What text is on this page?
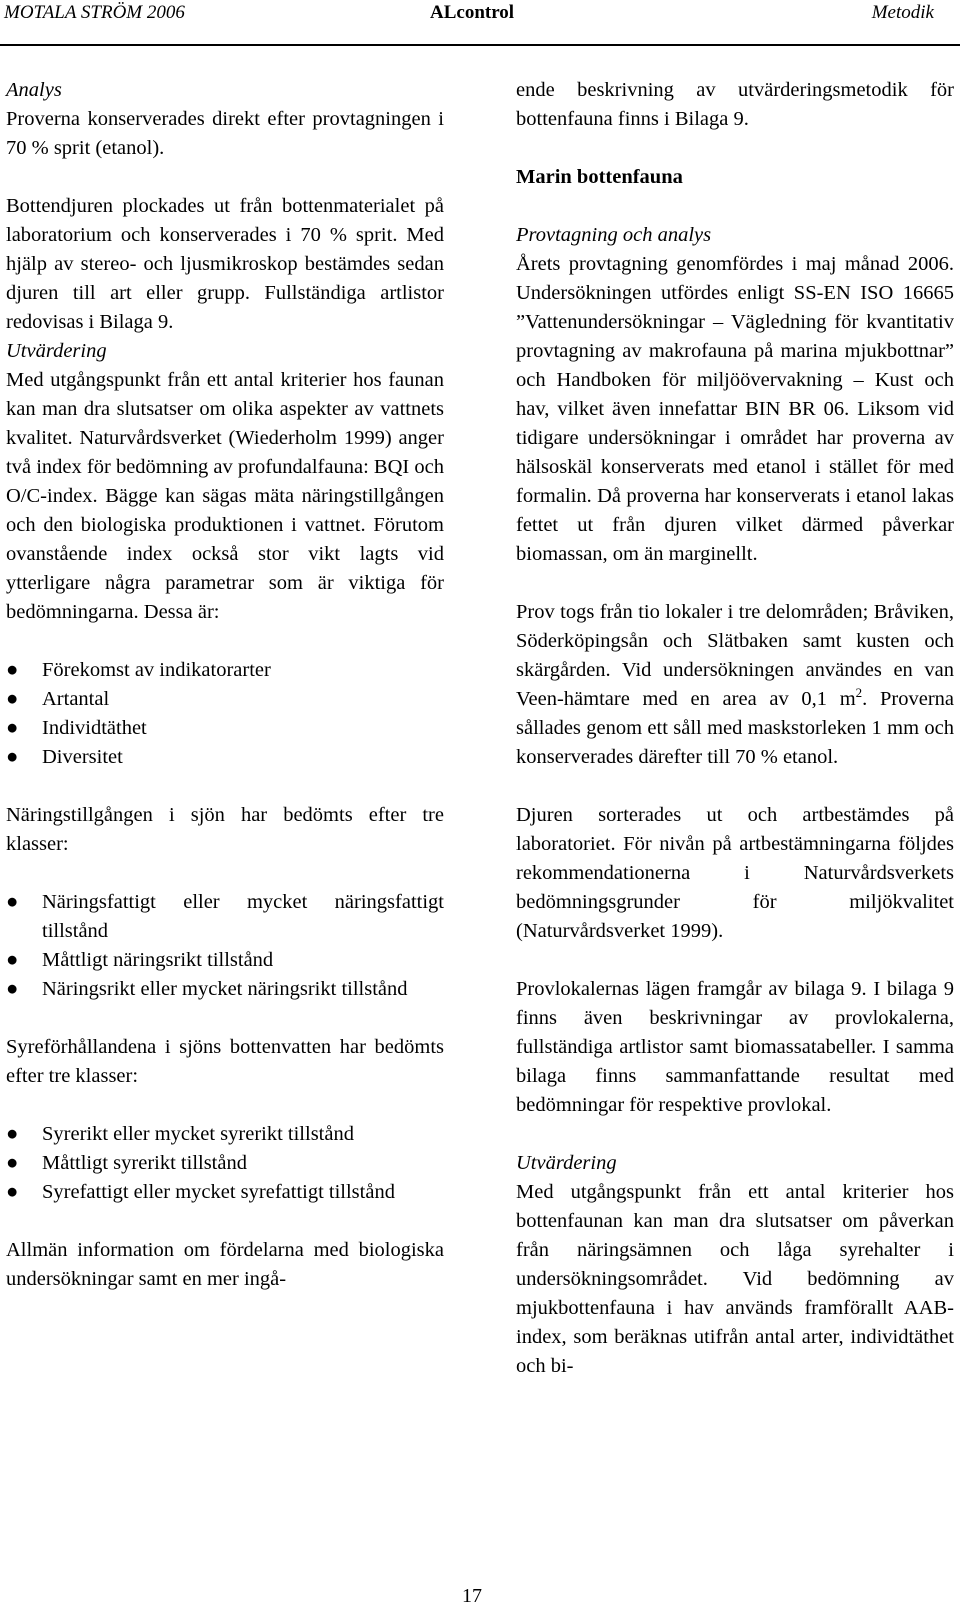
MOTALA STRÖM 2006	ALcontrol	Metodik
Analys

Proverna konserverades direkt efter provtagningen i 70 % sprit (etanol).

Bottendjuren plockades ut från bottenmaterialet på laboratorium och konserverades i 70 % sprit. Med hjälp av stereo- och ljusmikroskop bestämdes sedan djuren till art eller grupp. Fullständiga artlistor redovisas i Bilaga 9.

Utvärdering

Med utgångspunkt från ett antal kriterier hos faunan kan man dra slutsatser om olika aspekter av vattnets kvalitet. Naturvårdsverket (Wiederholm 1999) anger två index för bedömning av profundalfauna: BQI och O/C-index. Bägge kan sägas mäta näringstillgången och den biologiska produktionen i vattnet. Förutom ovanstående index också stor vikt lagts vid ytterligare några parametrar som är viktiga för bedömningarna. Dessa är:

●	Förekomst av indikatorarter
●	Artantal
●	Individtäthet
●	Diversitet

Näringstillgången i sjön har bedömts efter tre klasser:

●	Näringsfattigt eller mycket näringsfattigt tillstånd
●	Måttligt näringsrikt tillstånd
●	Näringsrikt eller mycket näringsrikt tillstånd

Syreförhållandena i sjöns bottenvatten har bedömts efter tre klasser:

●	Syrerikt eller mycket syrerikt tillstånd
●	Måttligt syrerikt tillstånd
●	Syrefattigt eller mycket syrefattigt tillstånd

Allmän information om fördelarna med biologiska undersökningar samt en mer ingå-

ende beskrivning av utvärderingsmetodik för bottenfauna finns i Bilaga 9.

Marin bottenfauna
Provtagning och analys

Årets provtagning genomfördes i maj månad 2006. Undersökningen utfördes enligt SS-EN ISO 16665 ”Vattenundersökningar – Vägledning för kvantitativ provtagning av makrofauna på marina mjukbottnar” och Handboken för miljöövervakning – Kust och hav, vilket även innefattar BIN BR 06. Liksom vid tidigare undersökningar i området har proverna av hälsoskäl konserverats med etanol i stället för med formalin. Då proverna har konserverats i etanol lakas fettet ut från djuren vilket därmed påverkar biomassan, om än marginellt.

Prov togs från tio lokaler i tre delområden; Bråviken, Söderköpingsån och Slätbaken samt kusten och skärgården. Vid undersökningen användes en van Veen-hämtare med en area av 0,1 $m^2$. Proverna sållades genom ett såll med maskstorleken 1 mm och konserverades därefter till 70 % etanol.

Djuren sorterades ut och artbestämdes på laboratoriet. För nivån på artbestämningarna följdes rekommendationerna i Naturvårdsverkets bedömningsgrunder för miljökvalitet (Naturvårdsverket 1999).

Provlokalernas lägen framgår av bilaga 9. I bilaga 9 finns även beskrivningar av provlokalerna, fullständiga artlistor samt biomassatabeller. I samma bilaga finns sammanfattande resultat med bedömningar för respektive provlokal.

Utvärdering

Med utgångspunkt från ett antal kriterier hos bottenfaunan kan man dra slutsatser om påverkan från näringsämnen och låga syrehalter i undersökningsområdet. Vid bedömning av mjukbottenfauna i hav används framförallt AAB-index, som beräknas utifrån antal arter, individtäthet och bi-

17
